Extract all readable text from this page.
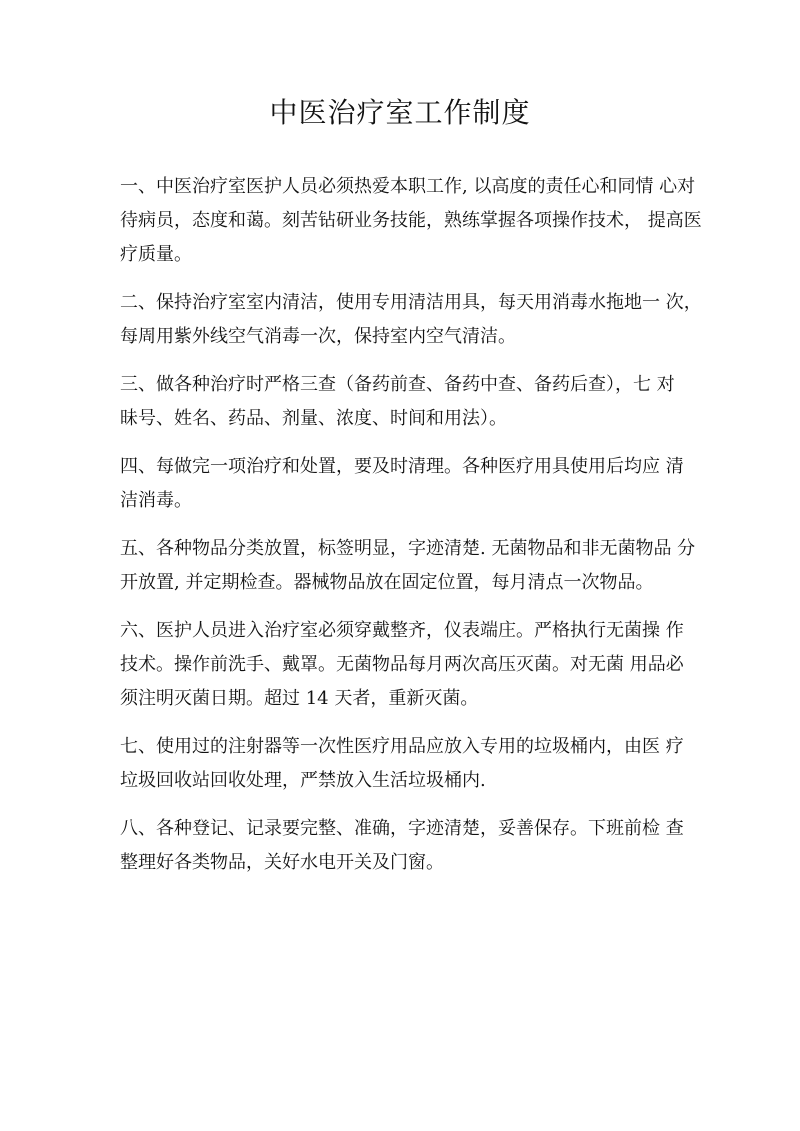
中医治疗室工作制度

一、中医治疗室医护人员必须热爱本职工作, 以高度的责任心和同情 心对
待病员，态度和蔼。刻苦钻研业务技能，熟练掌握各项操作技术， 提高医
疗质量。

二、保持治疗室室内清洁，使用专用清洁用具，每天用消毒水拖地一 次，
每周用紫外线空气消毒一次，保持室内空气清洁。

三、做各种治疗时严格三查（备药前查、备药中查、备药后查），七 对
昧号、姓名、药品、剂量、浓度、时间和用法）。

四、每做完一项治疗和处置，要及时清理。各种医疗用具使用后均应 清
洁消毒。

五、各种物品分类放置，标签明显，字迹清楚. 无菌物品和非无菌物品 分
开放置, 并定期检查。器械物品放在固定位置，每月清点一次物品。

六、医护人员进入治疗室必须穿戴整齐，仪表端庄。严格执行无菌操 作
技术。操作前洗手、戴罩。无菌物品每月两次高压灭菌。对无菌 用品必
须注明灭菌日期。超过 14 天者，重新灭菌。

七、使用过的注射器等一次性医疗用品应放入专用的垃圾桶内，由医 疗
垃圾回收站回收处理，严禁放入生活垃圾桶内.

八、各种登记、记录要完整、准确，字迹清楚，妥善保存。下班前检 查
整理好各类物品，关好水电开关及门窗。
